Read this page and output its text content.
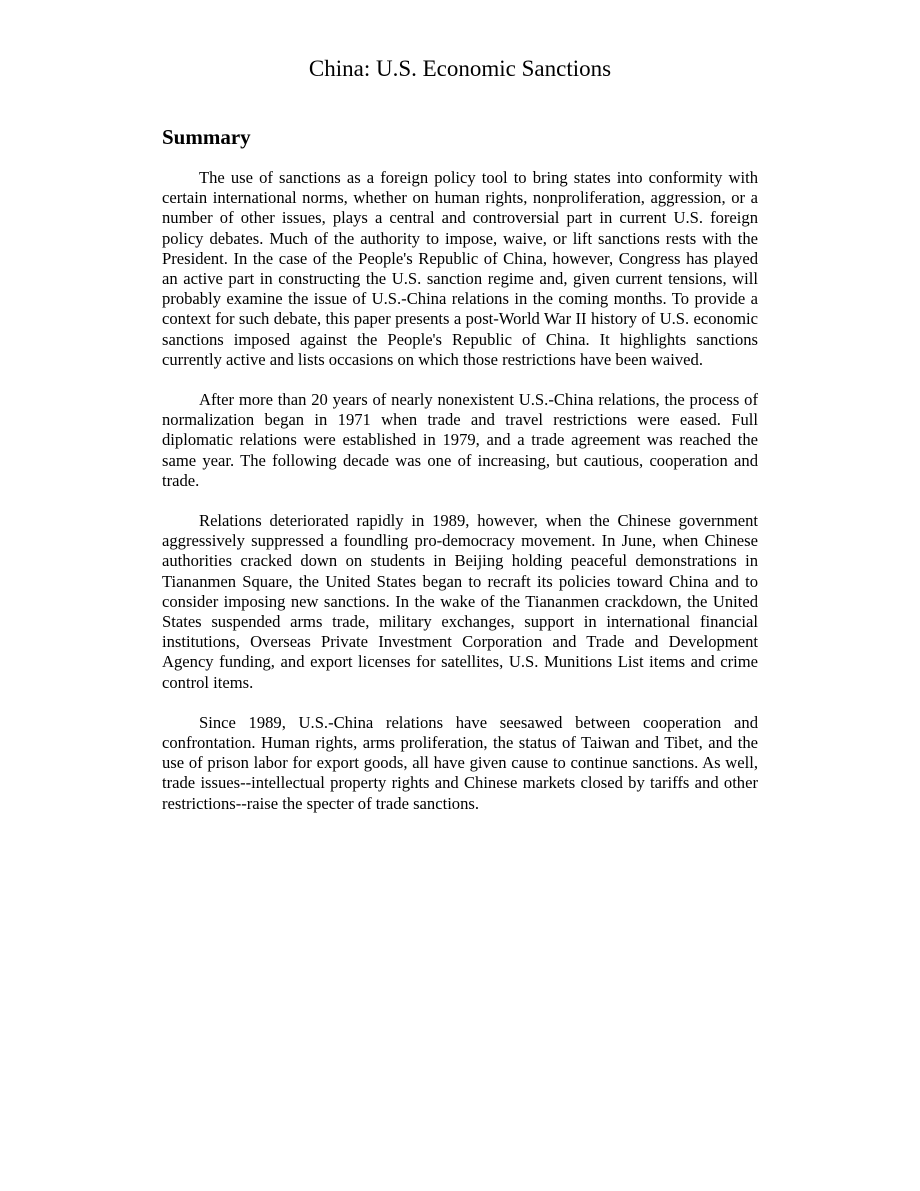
China: U.S. Economic Sanctions
Summary

The use of sanctions as a foreign policy tool to bring states into conformity with certain international norms, whether on human rights, nonproliferation, aggression, or a number of other issues, plays a central and controversial part in current U.S. foreign policy debates. Much of the authority to impose, waive, or lift sanctions rests with the President. In the case of the People's Republic of China, however, Congress has played an active part in constructing the U.S. sanction regime and, given current tensions, will probably examine the issue of U.S.-China relations in the coming months. To provide a context for such debate, this paper presents a post-World War II history of U.S. economic sanctions imposed against the People's Republic of China. It highlights sanctions currently active and lists occasions on which those restrictions have been waived.

After more than 20 years of nearly nonexistent U.S.-China relations, the process of normalization began in 1971 when trade and travel restrictions were eased. Full diplomatic relations were established in 1979, and a trade agreement was reached the same year. The following decade was one of increasing, but cautious, cooperation and trade.

Relations deteriorated rapidly in 1989, however, when the Chinese government aggressively suppressed a foundling pro-democracy movement. In June, when Chinese authorities cracked down on students in Beijing holding peaceful demonstrations in Tiananmen Square, the United States began to recraft its policies toward China and to consider imposing new sanctions. In the wake of the Tiananmen crackdown, the United States suspended arms trade, military exchanges, support in international financial institutions, Overseas Private Investment Corporation and Trade and Development Agency funding, and export licenses for satellites, U.S. Munitions List items and crime control items.

Since 1989, U.S.-China relations have seesawed between cooperation and confrontation. Human rights, arms proliferation, the status of Taiwan and Tibet, and the use of prison labor for export goods, all have given cause to continue sanctions. As well, trade issues--intellectual property rights and Chinese markets closed by tariffs and other restrictions--raise the specter of trade sanctions.
